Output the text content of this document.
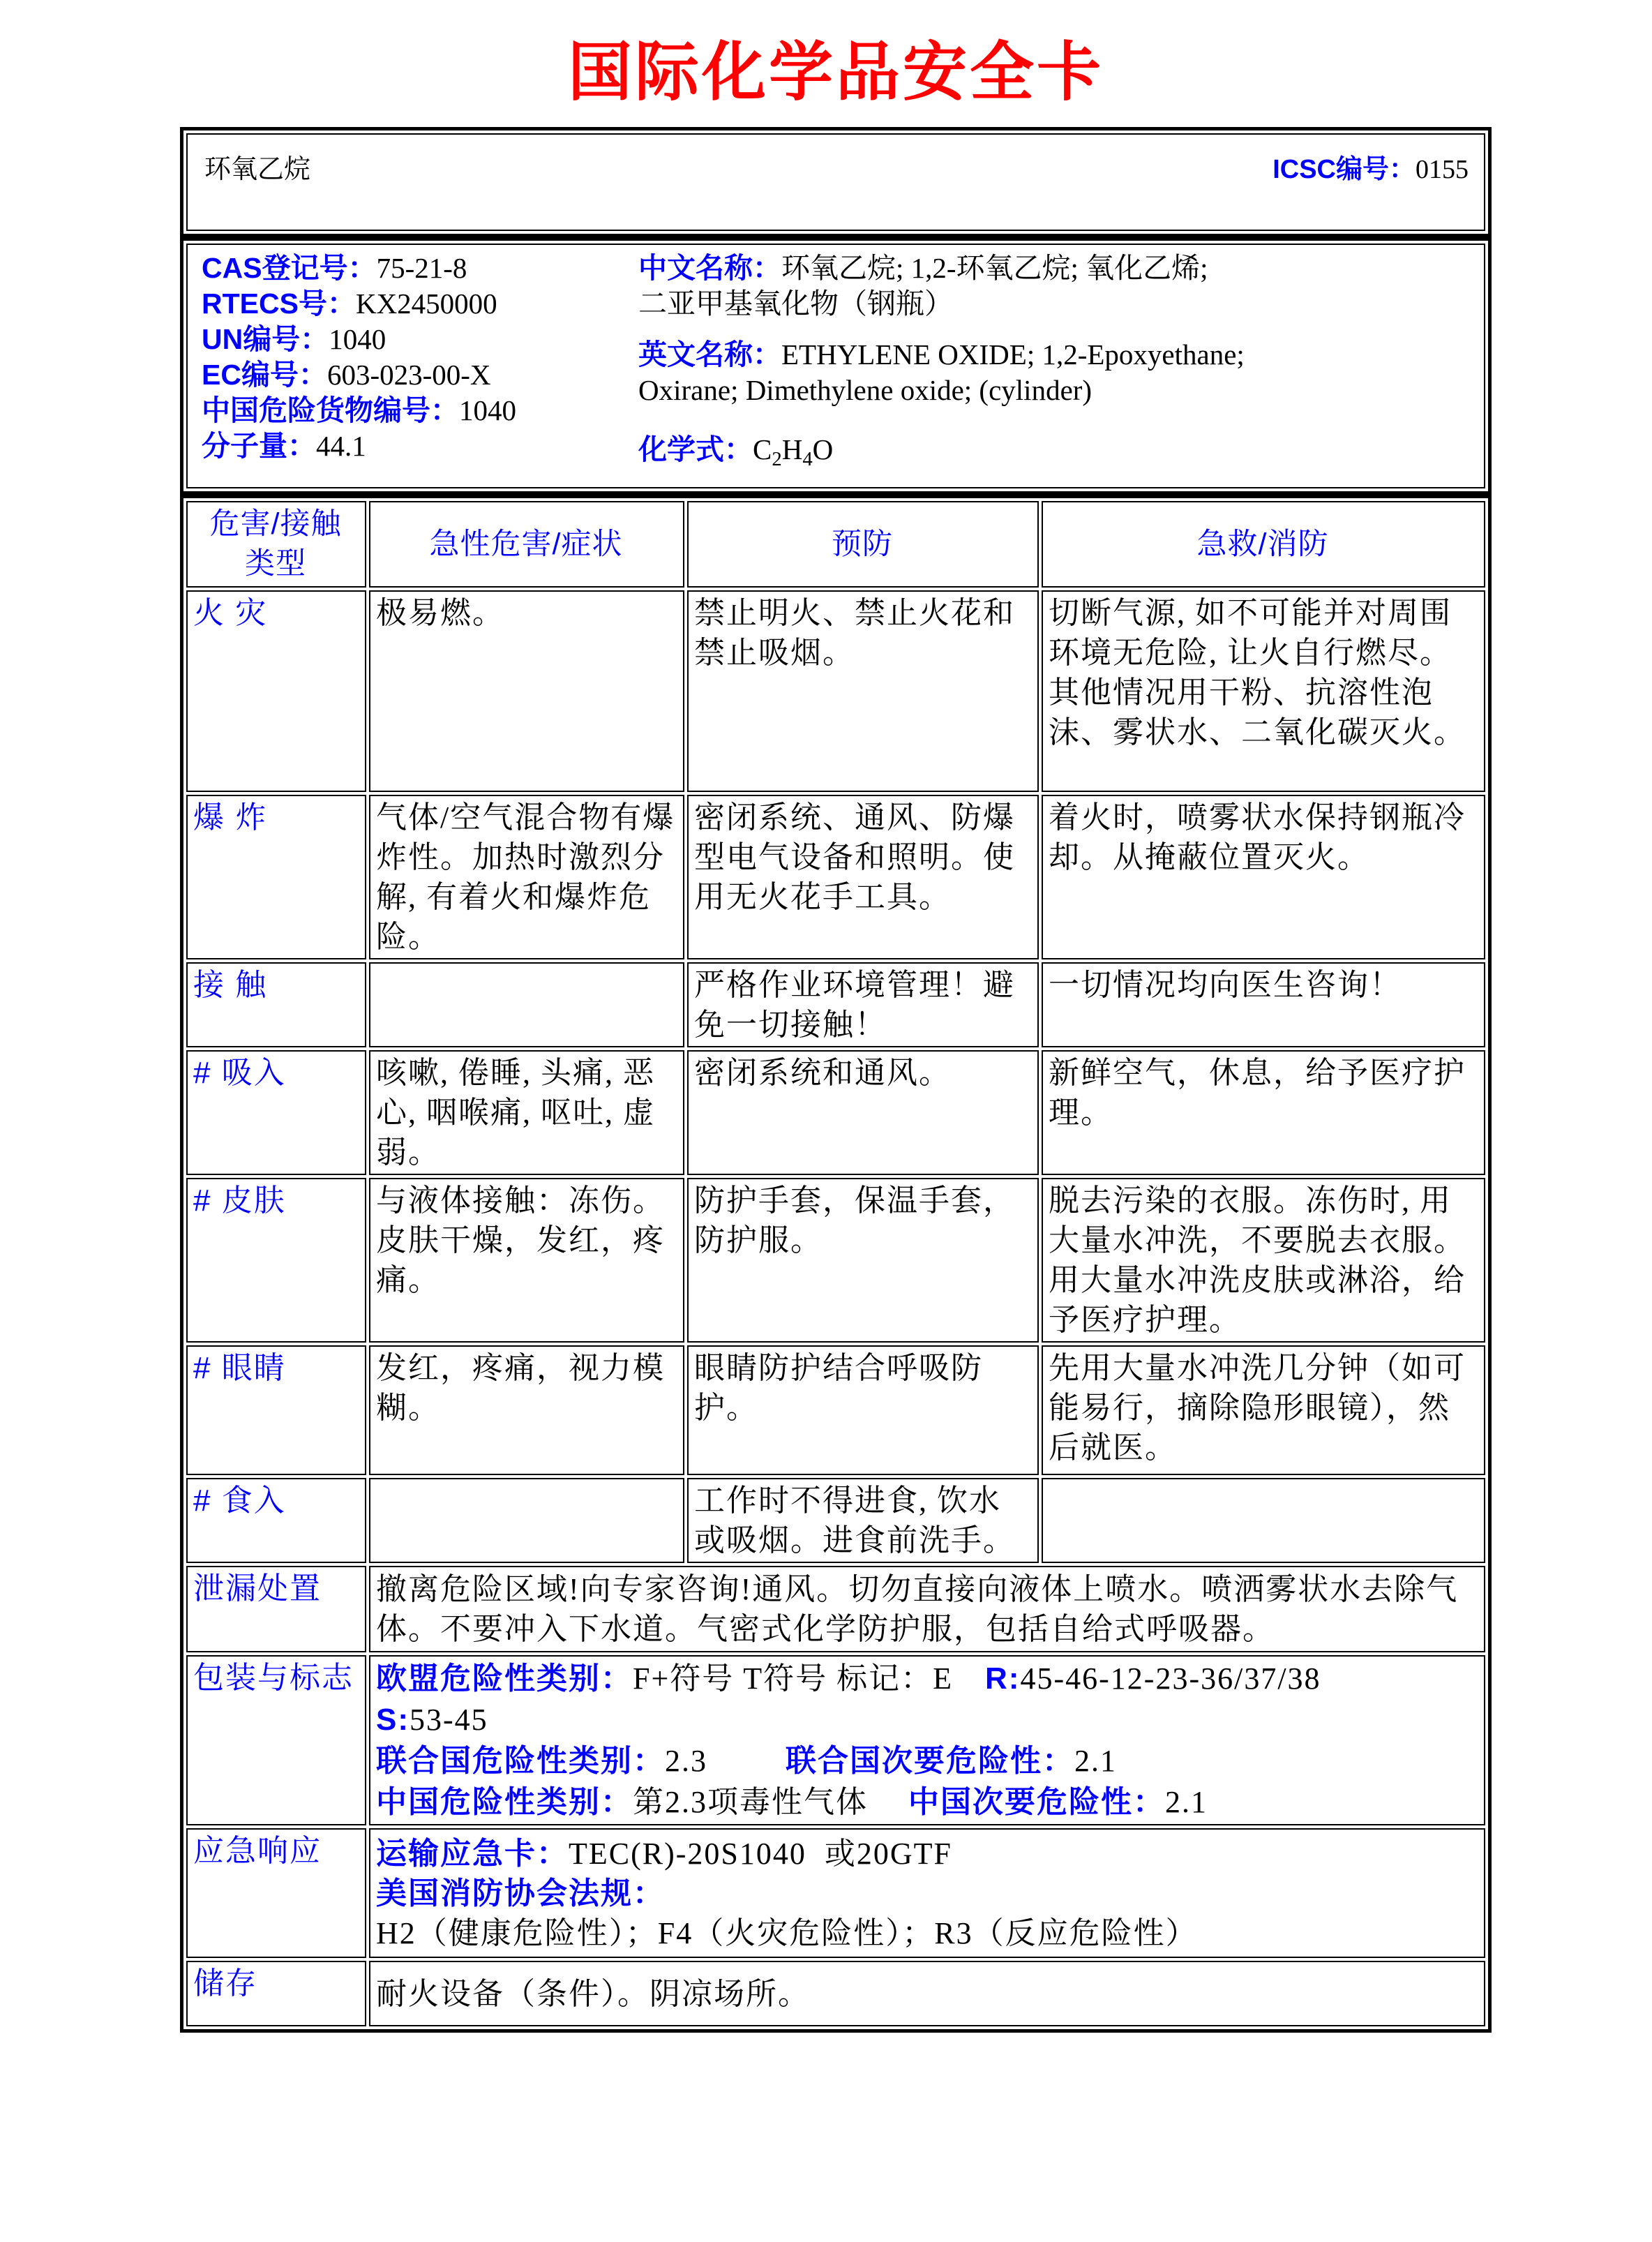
国际化学品安全卡
环氧乙烷	ICSC编号：0155
CAS登记号：75-21-8
RTECS号：KX2450000
UN编号：1040
EC编号：603-023-00-X
中国危险货物编号：1040
分子量：44.1
中文名称：环氧乙烷; 1,2-环氧乙烷; 氧化乙烯;
二亚甲基氧化物（钢瓶）
英文名称：ETHYLENE OXIDE; 1,2-Epoxyethane;
Oxirane; Dimethylene oxide; (cylinder)
化学式：$C_2H_4O$
危害/接触 类型	急性危害/症状	预防	急救/消防
火 灾	极易燃。	禁止明火、禁止火花和禁止吸烟。	切断气源, 如不可能并对周围环境无危险, 让火自行燃尽。其他情况用干粉、抗溶性泡沫、雾状水、二氧化碳灭火。
爆 炸	气体/空气混合物有爆炸性。加热时激烈分解, 有着火和爆炸危险。	密闭系统、通风、防爆型电气设备和照明。使用无火花手工具。	着火时，喷雾状水保持钢瓶冷却。从掩蔽位置灭火。
接 触		严格作业环境管理！避免一切接触！	一切情况均向医生咨询！
# 吸入	咳嗽, 倦睡, 头痛, 恶心, 咽喉痛, 呕吐, 虚弱。	密闭系统和通风。	新鲜空气，休息，给予医疗护理。
# 皮肤	与液体接触：冻伤。皮肤干燥，发红，疼痛。	防护手套，保温手套，防护服。	脱去污染的衣服。冻伤时, 用大量水冲洗，不要脱去衣服。用大量水冲洗皮肤或淋浴，给予医疗护理。
# 眼睛	发红，疼痛，视力模糊。	眼睛防护结合呼吸防护。	先用大量水冲洗几分钟（如可能易行，摘除隐形眼镜），然后就医。
# 食入		工作时不得进食, 饮水或吸烟。进食前洗手。	
泄漏处置	撤离危险区域!向专家咨询!通风。切勿直接向液体上喷水。喷洒雾状水去除气体。不要冲入下水道。气密式化学防护服，包括自给式呼吸器。		
包装与标志	欧盟危险性类别：F+符号 T符号 标记：E R:45-46-12-23-36/37/38
S:53-45
联合国危险性类别：2.3 联合国次要危险性：2.1
中国危险性类别：第2.3项毒性气体 中国次要危险性：2.1		

应急响应	运输应急卡：TEC(R)-20S1040  或20GTF
美国消防协会法规：H2（健康危险性）；F4（火灾危险性）；R3（反应危险性）		

储存	耐火设备（条件）。阴凉场所。		
